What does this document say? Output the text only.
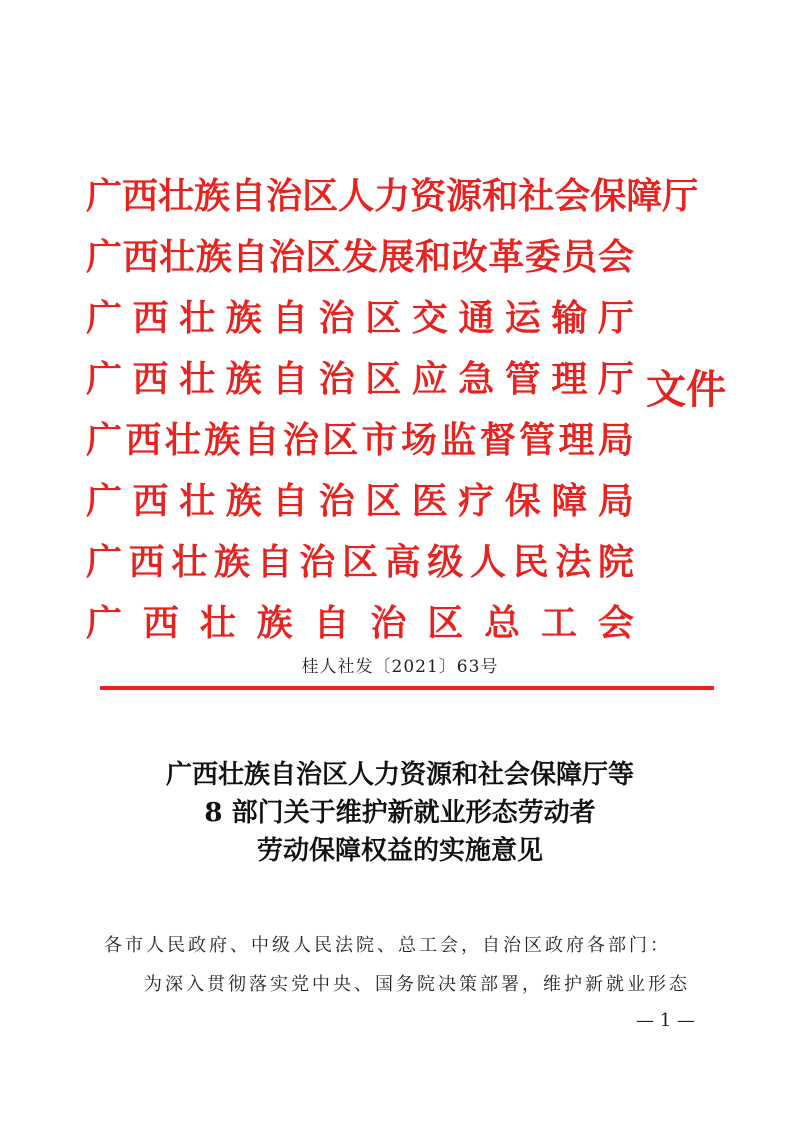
广 西 壮 族 自 治 区 人 力 资 源 和 社 会 保 障 厅
广 西 壮 族 自 治 区 发 展 和 改 革 委 员 会
广 西 壮 族 自 治 区 交 通 运 输 厅
广 西 壮 族 自 治 区 应 急 管 理 厅
广 西 壮 族 自 治 区 市 场 监 督 管 理 局
广 西 壮 族 自 治 区 医 疗 保 障 局
广 西 壮 族 自 治 区 高 级 人 民 法 院
广 西 壮 族 自 治 区 总 工 会
文件
桂人社发〔2021〕63号
广西壮族自治区人力资源和社会保障厅等
8 部门关于维护新就业形态劳动者
劳动保障权益的实施意见
各市人民政府、中级人民法院、总工会，自治区政府各部门：
为深入贯彻落实党中央、国务院决策部署，维护新就业形态
— 1 —
